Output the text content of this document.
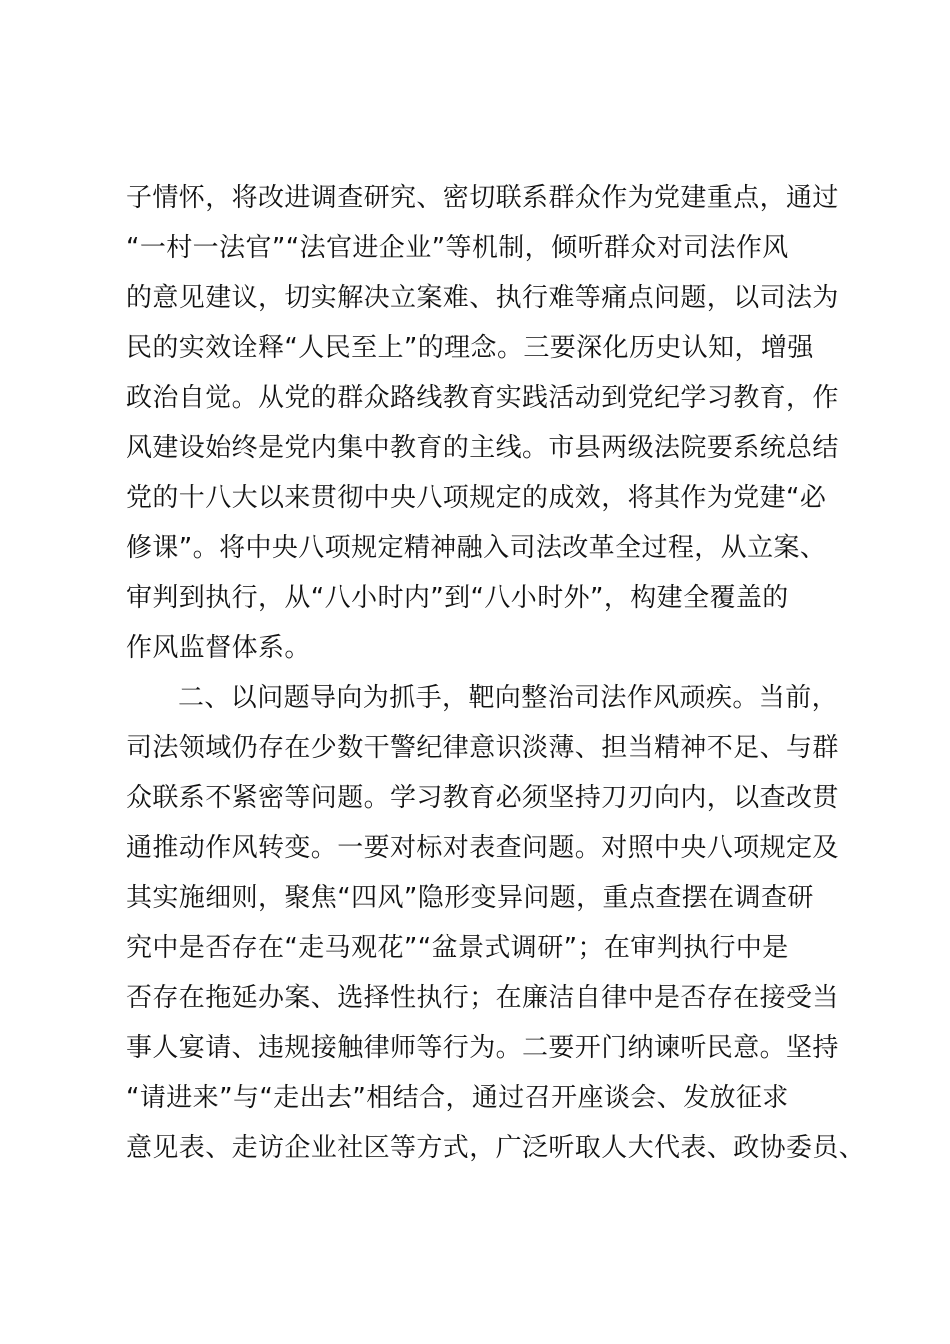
子情怀，将改进调查研究、密切联系群众作为党建重点，通过
“一村一法官”“法官进企业”等机制，倾听群众对司法作风
的意见建议，切实解决立案难、执行难等痛点问题，以司法为
民的实效诠释“人民至上”的理念。三要深化历史认知，增强
政治自觉。从党的群众路线教育实践活动到党纪学习教育，作
风建设始终是党内集中教育的主线。市县两级法院要系统总结
党的十八大以来贯彻中央八项规定的成效，将其作为党建“必
修课”。将中央八项规定精神融入司法改革全过程，从立案、
审判到执行，从“八小时内”到“八小时外”，构建全覆盖的
作风监督体系。
二、以问题导向为抓手，靶向整治司法作风顽疾。当前，
司法领域仍存在少数干警纪律意识淡薄、担当精神不足、与群
众联系不紧密等问题。学习教育必须坚持刀刃向内，以查改贯
通推动作风转变。一要对标对表查问题。对照中央八项规定及
其实施细则，聚焦“四风”隐形变异问题，重点查摆在调查研
究中是否存在“走马观花”“盆景式调研”；在审判执行中是
否存在拖延办案、选择性执行；在廉洁自律中是否存在接受当
事人宴请、违规接触律师等行为。二要开门纳谏听民意。坚持
“请进来”与“走出去”相结合，通过召开座谈会、发放征求
意见表、走访企业社区等方式，广泛听取人大代表、政协委员、
